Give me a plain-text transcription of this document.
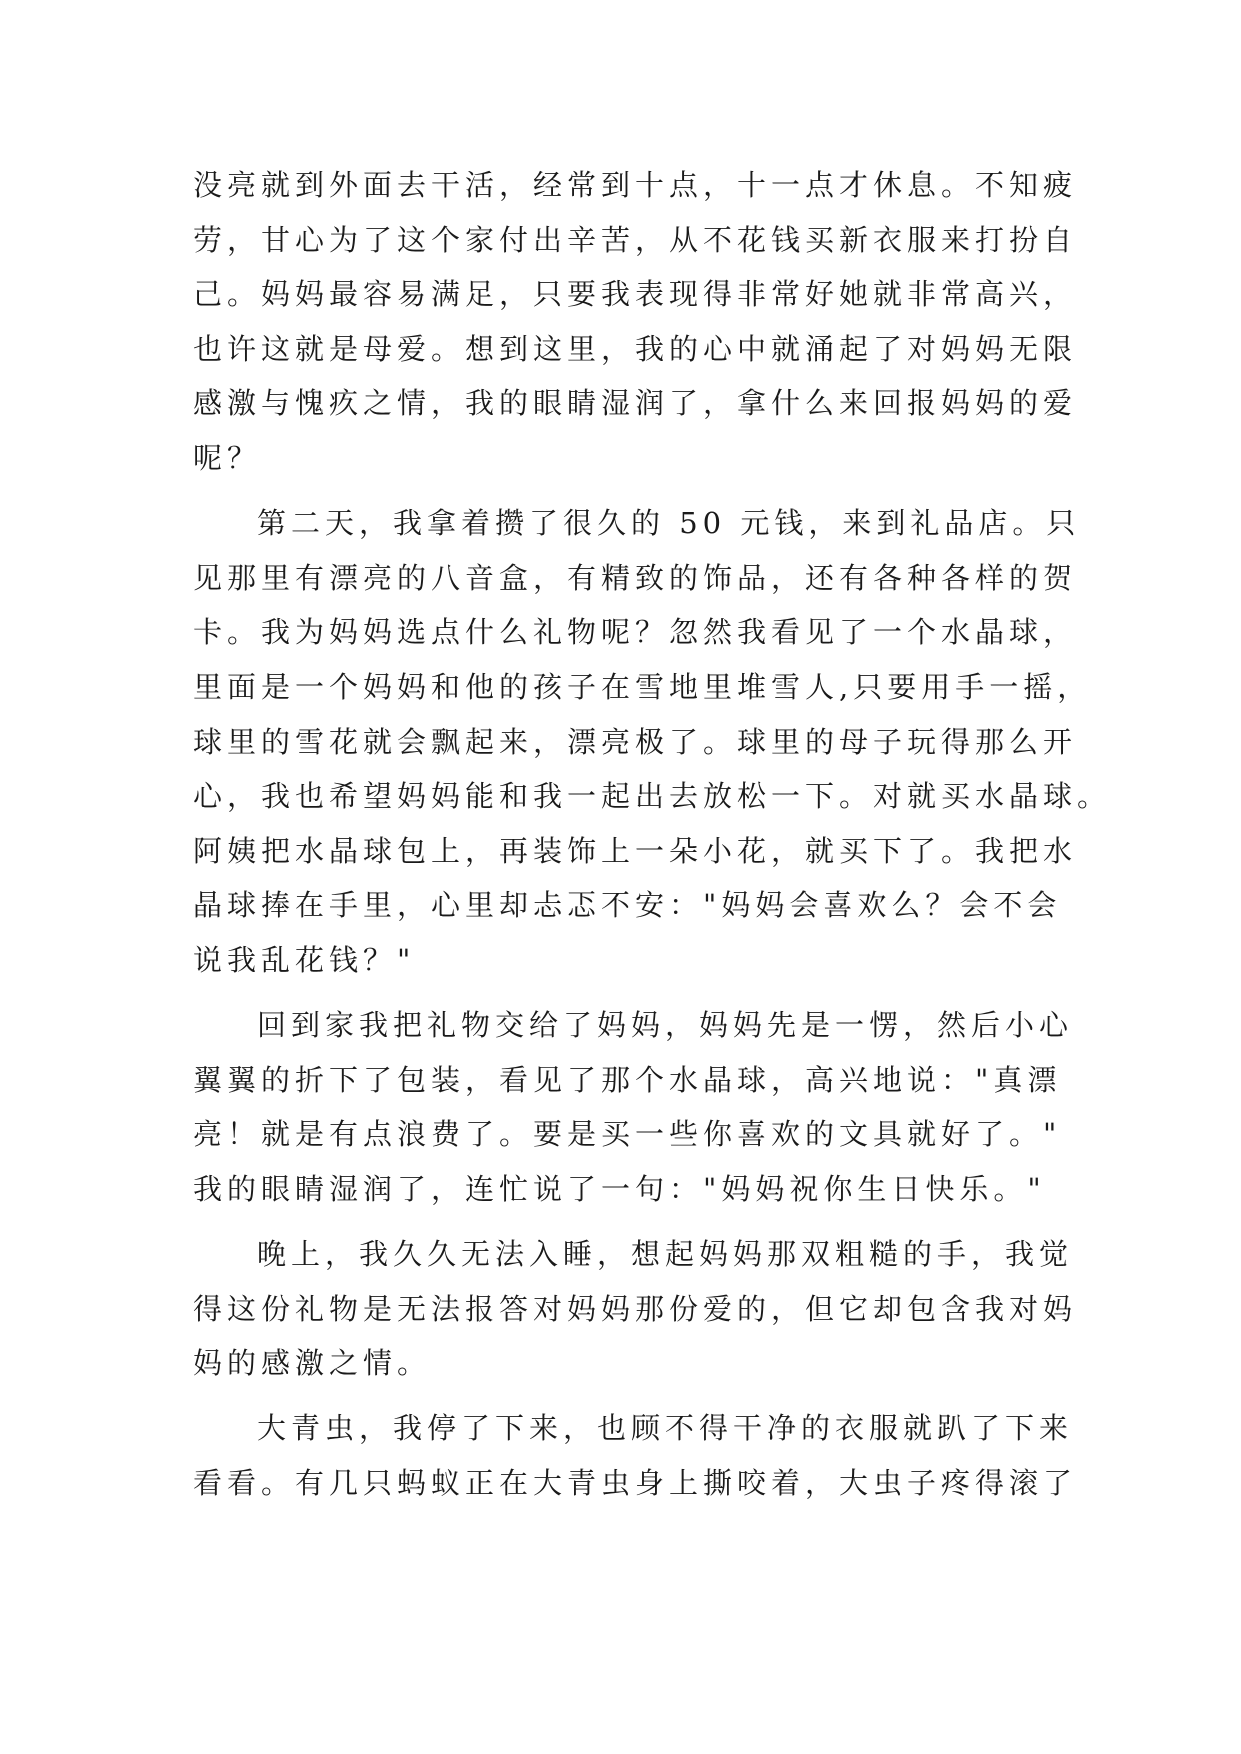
没亮就到外面去干活，经常到十点，十一点才休息。不知疲
劳，甘心为了这个家付出辛苦，从不花钱买新衣服来打扮自
己。妈妈最容易满足，只要我表现得非常好她就非常高兴，
也许这就是母爱。想到这里，我的心中就涌起了对妈妈无限
感激与愧疚之情，我的眼睛湿润了，拿什么来回报妈妈的爱
呢？
第二天，我拿着攒了很久的 50 元钱，来到礼品店。只
见那里有漂亮的八音盒，有精致的饰品，还有各种各样的贺
卡。我为妈妈选点什么礼物呢？忽然我看见了一个水晶球，
里面是一个妈妈和他的孩子在雪地里堆雪人,只要用手一摇，
球里的雪花就会飘起来，漂亮极了。球里的母子玩得那么开
心，我也希望妈妈能和我一起出去放松一下。对就买水晶球。
阿姨把水晶球包上，再装饰上一朵小花，就买下了。我把水
晶球捧在手里，心里却忐忑不安："妈妈会喜欢么？会不会
说我乱花钱？"
回到家我把礼物交给了妈妈，妈妈先是一愣，然后小心
翼翼的折下了包装，看见了那个水晶球，高兴地说："真漂
亮！就是有点浪费了。要是买一些你喜欢的文具就好了。"
我的眼睛湿润了，连忙说了一句："妈妈祝你生日快乐。"
晚上，我久久无法入睡，想起妈妈那双粗糙的手，我觉
得这份礼物是无法报答对妈妈那份爱的，但它却包含我对妈
妈的感激之情。
大青虫，我停了下来，也顾不得干净的衣服就趴了下来
看看。有几只蚂蚁正在大青虫身上撕咬着，大虫子疼得滚了
